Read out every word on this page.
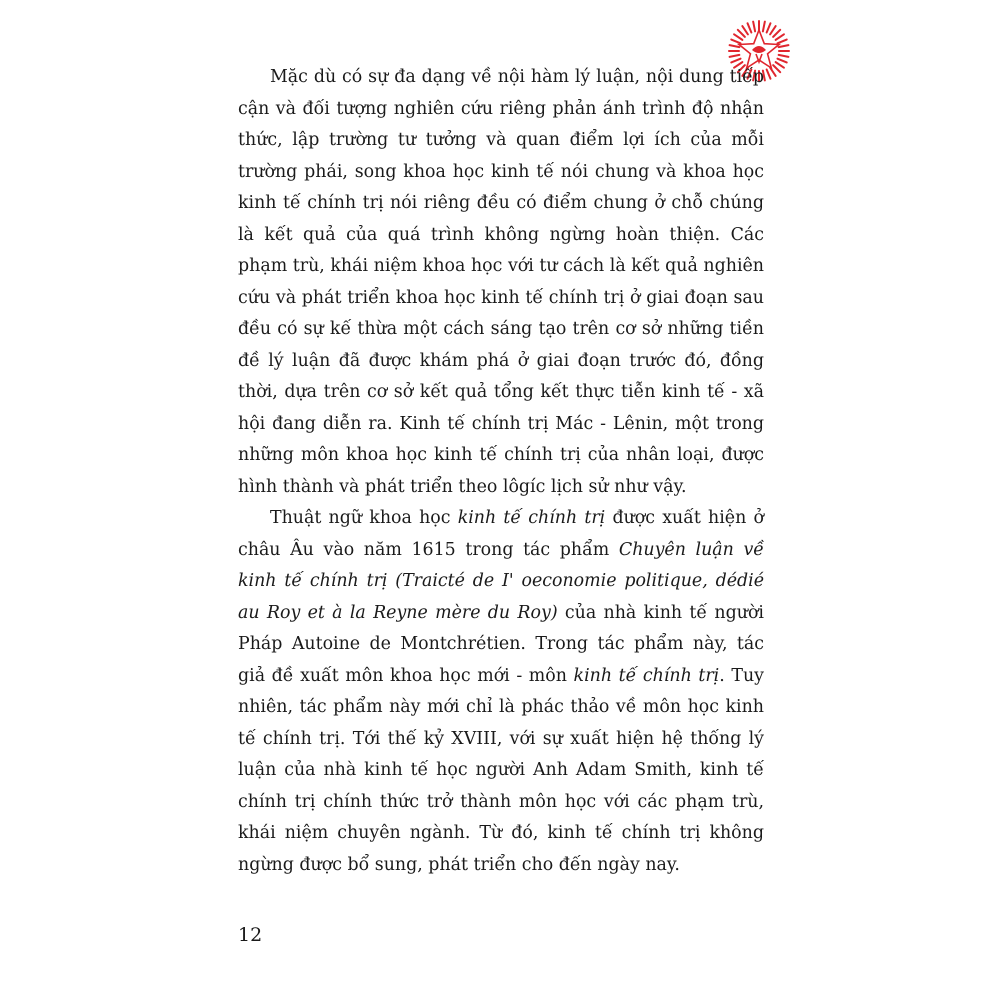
Mặc dù có sự đa dạng về nội hàm lý luận, nội dung tiếp cận và đối tượng nghiên cứu riêng phản ánh trình độ nhận thức, lập trường tư tưởng và quan điểm lợi ích của mỗi trường phái, song khoa học kinh tế nói chung và khoa học kinh tế chính trị nói riêng đều có điểm chung ở chỗ chúng là kết quả của quá trình không ngừng hoàn thiện. Các phạm trù, khái niệm khoa học với tư cách là kết quả nghiên cứu và phát triển khoa học kinh tế chính trị ở giai đoạn sau đều có sự kế thừa một cách sáng tạo trên cơ sở những tiền đề lý luận đã được khám phá ở giai đoạn trước đó, đồng thời, dựa trên cơ sở kết quả tổng kết thực tiễn kinh tế - xã hội đang diễn ra. Kinh tế chính trị Mác - Lênin, một trong những môn khoa học kinh tế chính trị của nhân loại, được hình thành và phát triển theo lôgíc lịch sử như vậy.

Thuật ngữ khoa học kinh tế chính trị được xuất hiện ở châu Âu vào năm 1615 trong tác phẩm Chuyên luận về kinh tế chính trị (Traicté de I' oeconomie politique, dédié au Roy et à la Reyne mère du Roy) của nhà kinh tế người Pháp Autoine de Montchrétien. Trong tác phẩm này, tác giả đề xuất môn khoa học mới - môn kinh tế chính trị. Tuy nhiên, tác phẩm này mới chỉ là phác thảo về môn học kinh tế chính trị. Tới thế kỷ XVIII, với sự xuất hiện hệ thống lý luận của nhà kinh tế học người Anh Adam Smith, kinh tế chính trị chính thức trở thành môn học với các phạm trù, khái niệm chuyên ngành. Từ đó, kinh tế chính trị không ngừng được bổ sung, phát triển cho đến ngày nay.

12
